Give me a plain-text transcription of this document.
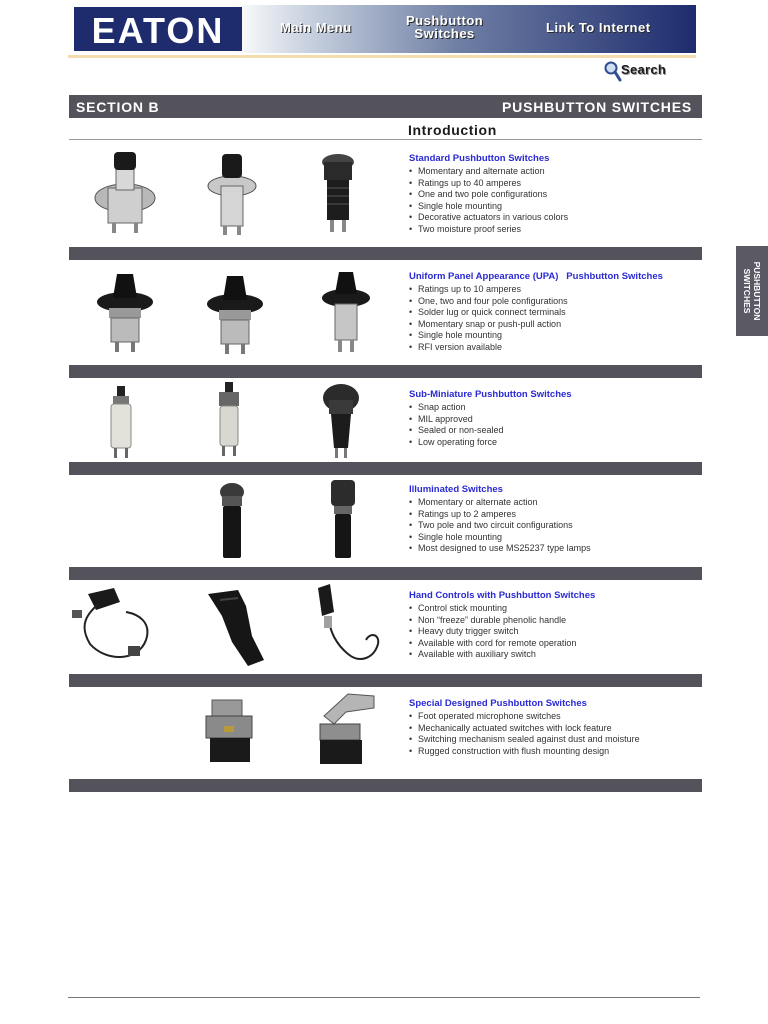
EATON	Main Menu	Pushbutton
Switches	Link To Internet
Search
SECTION B	PUSHBUTTON SWITCHES
Introduction
PUSHBUTTON
SWITCHES
Standard Pushbutton Switches
• Momentary and alternate action
• Ratings up to 40 amperes
• One and two pole configurations
• Single hole mounting
• Decorative actuators in various colors
• Two moisture proof series
Uniform Panel Appearance (UPA)   Pushbutton Switches
• Ratings up to 10 amperes
• One, two and four pole configurations
• Solder lug or quick connect terminals
• Momentary snap or push-pull action
• Single hole mounting
• RFI version available
Sub-Miniature Pushbutton Switches
• Snap action
• MIL approved
• Sealed or non-sealed
• Low operating force
Illuminated Switches
• Momentary or alternate action
• Ratings up to 2 amperes
• Two pole and two circuit configurations
• Single hole mounting
• Most designed to use MS25237 type lamps
Hand Controls with Pushbutton Switches
• Control stick mounting
• Non “freeze” durable phenolic handle
• Heavy duty trigger switch
• Available with cord for remote operation
• Available with auxiliary switch
Special Designed Pushbutton Switches
• Foot operated microphone switches
• Mechanically actuated switches with lock feature
• Switching mechanism sealed against dust and moisture
• Rugged construction with flush mounting design
